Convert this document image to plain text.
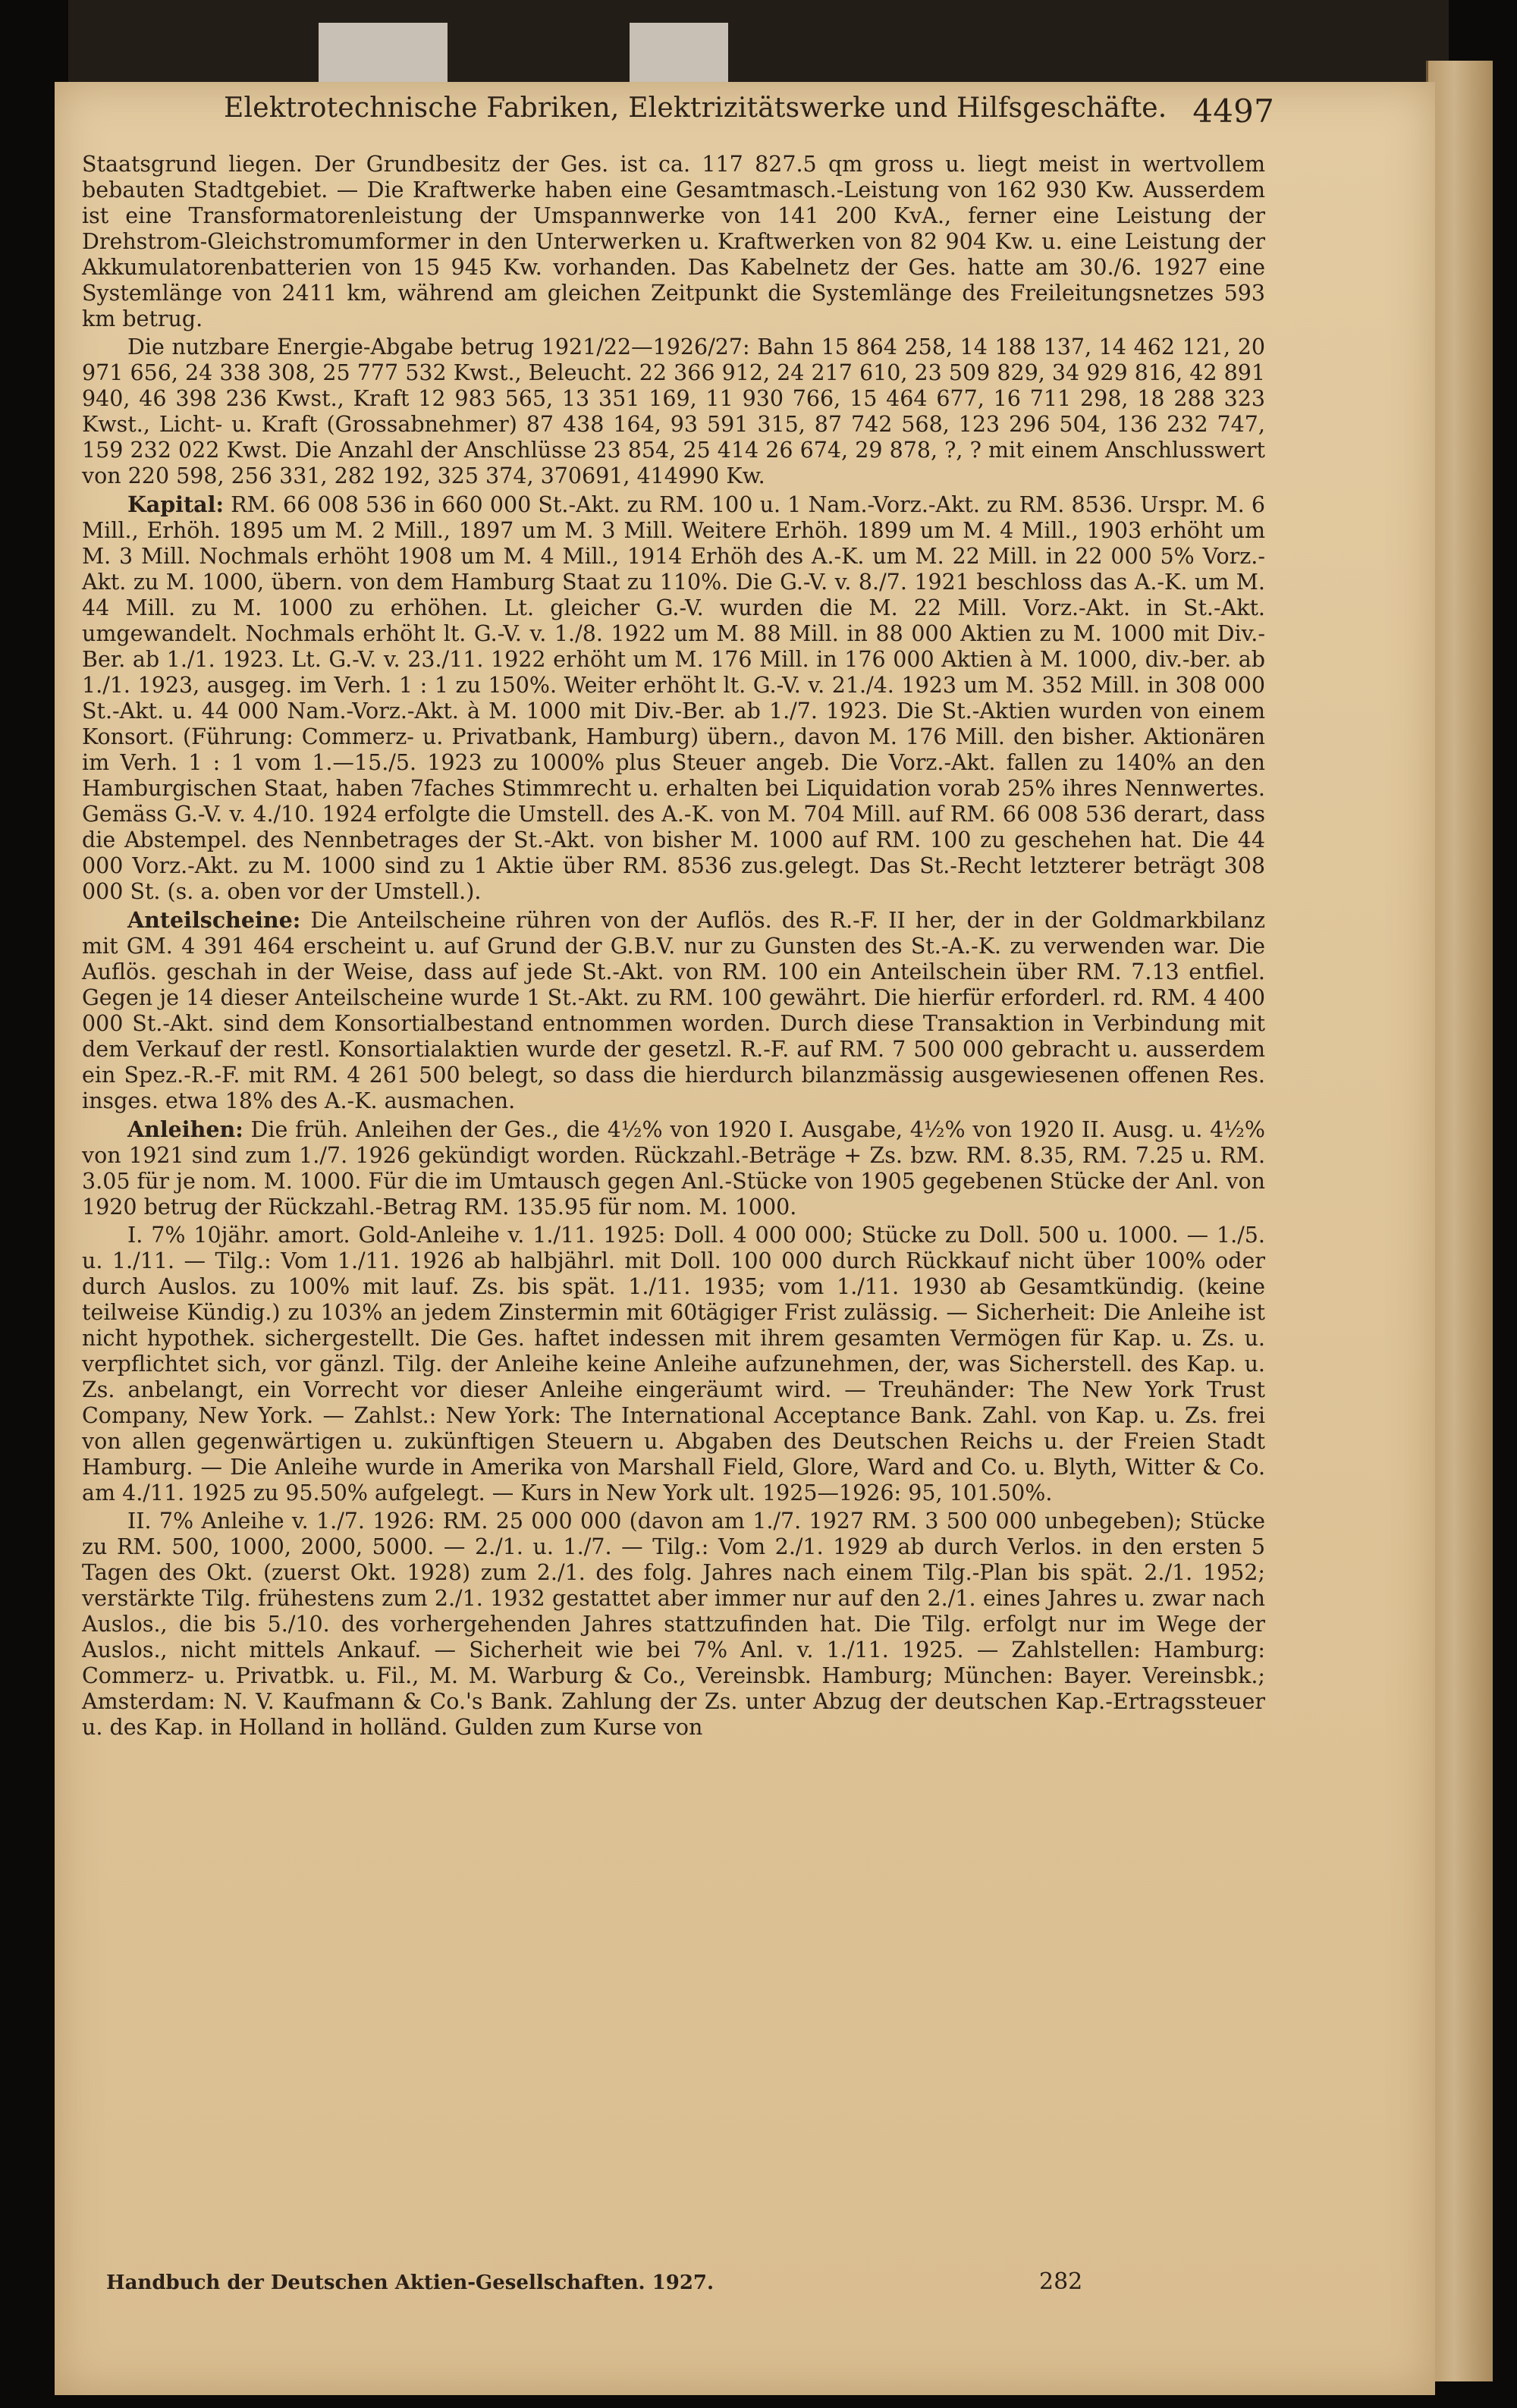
Elektrotechnische Fabriken, Elektrizitätswerke und Hilfsgeschäfte. 4497

Staatsgrund liegen. Der Grundbesitz der Ges. ist ca. 117 827.5 qm gross u. liegt meist in wertvollem bebauten Stadtgebiet. — Die Kraftwerke haben eine Gesamtmasch.-Leistung von 162 930 Kw. Ausserdem ist eine Transformatorenleistung der Umspannwerke von 141 200 KvA., ferner eine Leistung der Drehstrom-Gleichstromumformer in den Unterwerken u. Kraftwerken von 82 904 Kw. u. eine Leistung der Akkumulatorenbatterien von 15 945 Kw. vorhanden. Das Kabelnetz der Ges. hatte am 30./6. 1927 eine Systemlänge von 2411 km, während am gleichen Zeitpunkt die Systemlänge des Freileitungsnetzes 593 km betrug.

Die nutzbare Energie-Abgabe betrug 1921/22—1926/27: Bahn 15 864 258, 14 188 137, 14 462 121, 20 971 656, 24 338 308, 25 777 532 Kwst., Beleucht. 22 366 912, 24 217 610, 23 509 829, 34 929 816, 42 891 940, 46 398 236 Kwst., Kraft 12 983 565, 13 351 169, 11 930 766, 15 464 677, 16 711 298, 18 288 323 Kwst., Licht- u. Kraft (Grossabnehmer) 87 438 164, 93 591 315, 87 742 568, 123 296 504, 136 232 747, 159 232 022 Kwst. Die Anzahl der Anschlüsse 23 854, 25 414 26 674, 29 878, ?, ? mit einem Anschlusswert von 220 598, 256 331, 282 192, 325 374, 370691, 414990 Kw.

Kapital: RM. 66 008 536 in 660 000 St.-Akt. zu RM. 100 u. 1 Nam.-Vorz.-Akt. zu RM. 8536. Urspr. M. 6 Mill., Erhöh. 1895 um M. 2 Mill., 1897 um M. 3 Mill. Weitere Erhöh. 1899 um M. 4 Mill., 1903 erhöht um M. 3 Mill. Nochmals erhöht 1908 um M. 4 Mill., 1914 Erhöh des A.-K. um M. 22 Mill. in 22 000 5% Vorz.-Akt. zu M. 1000, übern. von dem Hamburg Staat zu 110%. Die G.-V. v. 8./7. 1921 beschloss das A.-K. um M. 44 Mill. zu M. 1000 zu erhöhen. Lt. gleicher G.-V. wurden die M. 22 Mill. Vorz.-Akt. in St.-Akt. umgewandelt. Nochmals erhöht lt. G.-V. v. 1./8. 1922 um M. 88 Mill. in 88 000 Aktien zu M. 1000 mit Div.-Ber. ab 1./1. 1923. Lt. G.-V. v. 23./11. 1922 erhöht um M. 176 Mill. in 176 000 Aktien à M. 1000, div.-ber. ab 1./1. 1923, ausgeg. im Verh. 1 : 1 zu 150%. Weiter erhöht lt. G.-V. v. 21./4. 1923 um M. 352 Mill. in 308 000 St.-Akt. u. 44 000 Nam.-Vorz.-Akt. à M. 1000 mit Div.-Ber. ab 1./7. 1923. Die St.-Aktien wurden von einem Konsort. (Führung: Commerz- u. Privatbank, Hamburg) übern., davon M. 176 Mill. den bisher. Aktionären im Verh. 1 : 1 vom 1.—15./5. 1923 zu 1000% plus Steuer angeb. Die Vorz.-Akt. fallen zu 140% an den Hamburgischen Staat, haben 7faches Stimmrecht u. erhalten bei Liquidation vorab 25% ihres Nennwertes. Gemäss G.-V. v. 4./10. 1924 erfolgte die Umstell. des A.-K. von M. 704 Mill. auf RM. 66 008 536 derart, dass die Abstempel. des Nennbetrages der St.-Akt. von bisher M. 1000 auf RM. 100 zu geschehen hat. Die 44 000 Vorz.-Akt. zu M. 1000 sind zu 1 Aktie über RM. 8536 zus.gelegt. Das St.-Recht letzterer beträgt 308 000 St. (s. a. oben vor der Umstell.).

Anteilscheine: Die Anteilscheine rühren von der Auflös. des R.-F. II her, der in der Goldmarkbilanz mit GM. 4 391 464 erscheint u. auf Grund der G.B.V. nur zu Gunsten des St.-A.-K. zu verwenden war. Die Auflös. geschah in der Weise, dass auf jede St.-Akt. von RM. 100 ein Anteilschein über RM. 7.13 entfiel. Gegen je 14 dieser Anteilscheine wurde 1 St.-Akt. zu RM. 100 gewährt. Die hierfür erforderl. rd. RM. 4 400 000 St.-Akt. sind dem Konsortialbestand entnommen worden. Durch diese Transaktion in Verbindung mit dem Verkauf der restl. Konsortialaktien wurde der gesetzl. R.-F. auf RM. 7 500 000 gebracht u. ausserdem ein Spez.-R.-F. mit RM. 4 261 500 belegt, so dass die hierdurch bilanzmässig ausgewiesenen offenen Res. insges. etwa 18% des A.-K. ausmachen.

Anleihen: Die früh. Anleihen der Ges., die 4½% von 1920 I. Ausgabe, 4½% von 1920 II. Ausg. u. 4½% von 1921 sind zum 1./7. 1926 gekündigt worden. Rückzahl.-Beträge + Zs. bzw. RM. 8.35, RM. 7.25 u. RM. 3.05 für je nom. M. 1000. Für die im Umtausch gegen Anl.-Stücke von 1905 gegebenen Stücke der Anl. von 1920 betrug der Rückzahl.-Betrag RM. 135.95 für nom. M. 1000.

I. 7% 10jähr. amort. Gold-Anleihe v. 1./11. 1925: Doll. 4 000 000; Stücke zu Doll. 500 u. 1000. — 1./5. u. 1./11. — Tilg.: Vom 1./11. 1926 ab halbjährl. mit Doll. 100 000 durch Rückkauf nicht über 100% oder durch Auslos. zu 100% mit lauf. Zs. bis spät. 1./11. 1935; vom 1./11. 1930 ab Gesamtkündig. (keine teilweise Kündig.) zu 103% an jedem Zinstermin mit 60tägiger Frist zulässig. — Sicherheit: Die Anleihe ist nicht hypothek. sichergestellt. Die Ges. haftet indessen mit ihrem gesamten Vermögen für Kap. u. Zs. u. verpflichtet sich, vor gänzl. Tilg. der Anleihe keine Anleihe aufzunehmen, der, was Sicherstell. des Kap. u. Zs. anbelangt, ein Vorrecht vor dieser Anleihe eingeräumt wird. — Treuhänder: The New York Trust Company, New York. — Zahlst.: New York: The International Acceptance Bank. Zahl. von Kap. u. Zs. frei von allen gegenwärtigen u. zukünftigen Steuern u. Abgaben des Deutschen Reichs u. der Freien Stadt Hamburg. — Die Anleihe wurde in Amerika von Marshall Field, Glore, Ward and Co. u. Blyth, Witter & Co. am 4./11. 1925 zu 95.50% aufgelegt. — Kurs in New York ult. 1925—1926: 95, 101.50%.

II. 7% Anleihe v. 1./7. 1926: RM. 25 000 000 (davon am 1./7. 1927 RM. 3 500 000 unbegeben); Stücke zu RM. 500, 1000, 2000, 5000. — 2./1. u. 1./7. — Tilg.: Vom 2./1. 1929 ab durch Verlos. in den ersten 5 Tagen des Okt. (zuerst Okt. 1928) zum 2./1. des folg. Jahres nach einem Tilg.-Plan bis spät. 2./1. 1952; verstärkte Tilg. frühestens zum 2./1. 1932 gestattet aber immer nur auf den 2./1. eines Jahres u. zwar nach Auslos., die bis 5./10. des vorhergehenden Jahres stattzufinden hat. Die Tilg. erfolgt nur im Wege der Auslos., nicht mittels Ankauf. — Sicherheit wie bei 7% Anl. v. 1./11. 1925. — Zahlstellen: Hamburg: Commerz- u. Privatbk. u. Fil., M. M. Warburg & Co., Vereinsbk. Hamburg; München: Bayer. Vereinsbk.; Amsterdam: N. V. Kaufmann & Co.'s Bank. Zahlung der Zs. unter Abzug der deutschen Kap.-Ertragssteuer u. des Kap. in Holland in holländ. Gulden zum Kurse von

Handbuch der Deutschen Aktien-Gesellschaften. 1927.	282
